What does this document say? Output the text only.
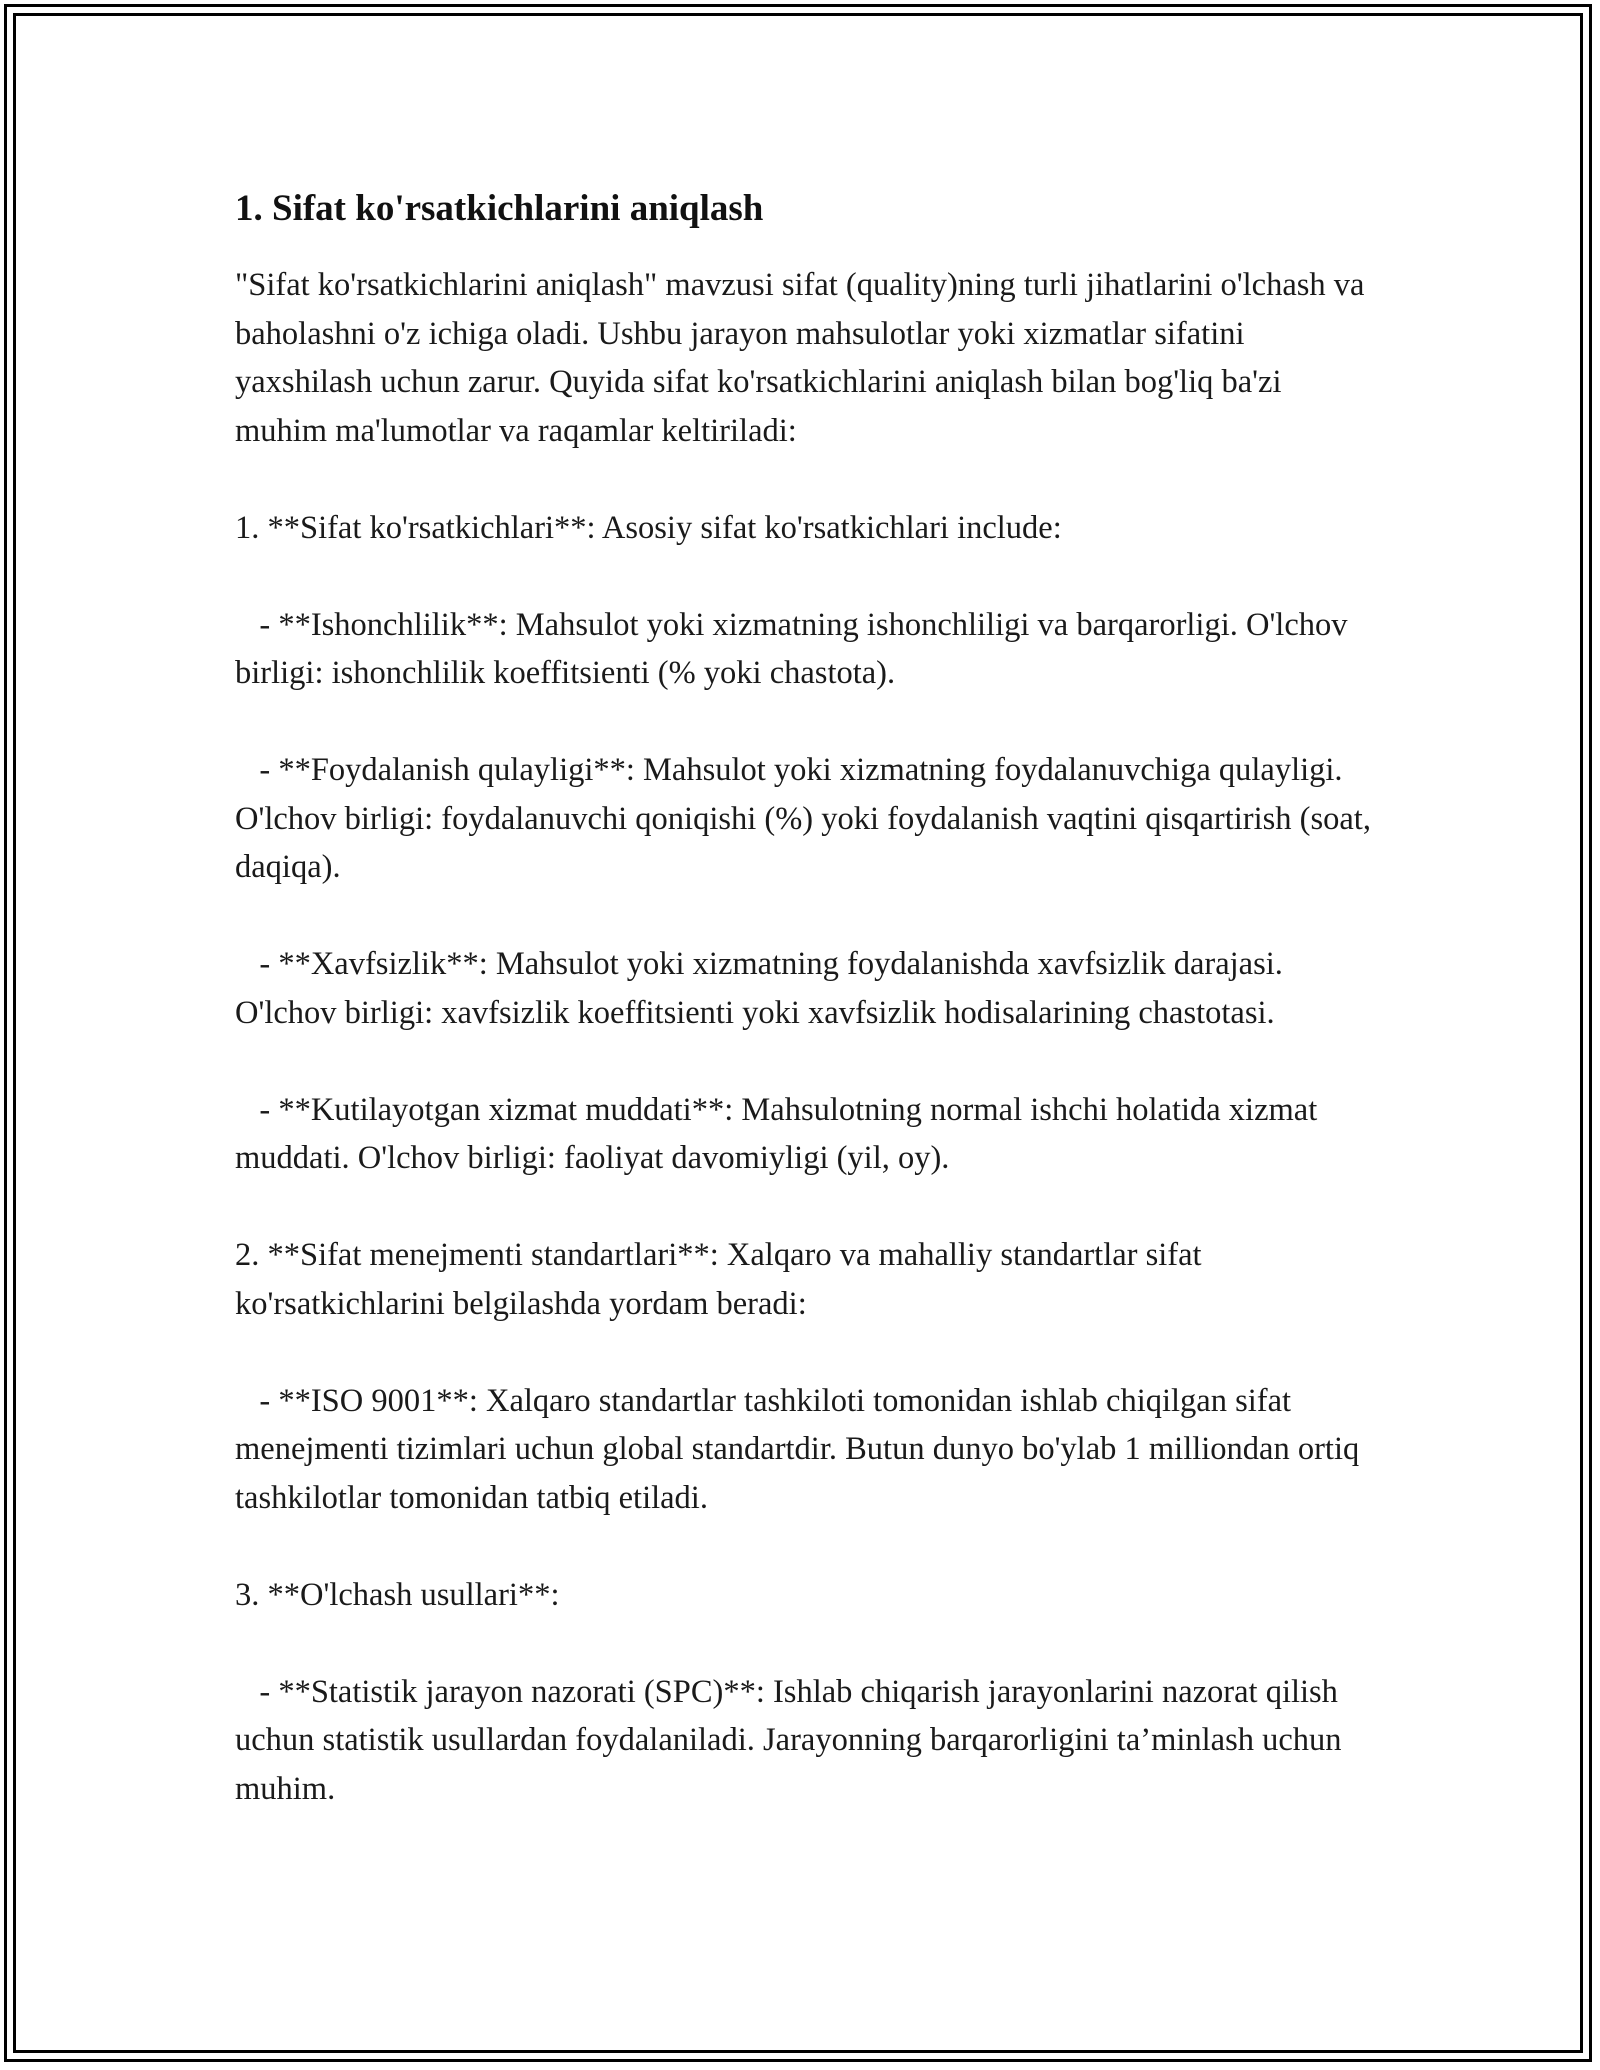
1. Sifat ko'rsatkichlarini aniqlash

"Sifat ko'rsatkichlarini aniqlash" mavzusi sifat (quality)ning turli jihatlarini o'lchash va baholashni o'z ichiga oladi. Ushbu jarayon mahsulotlar yoki xizmatlar sifatini yaxshilash uchun zarur. Quyida sifat ko'rsatkichlarini aniqlash bilan bog'liq ba'zi muhim ma'lumotlar va raqamlar keltiriladi:

1. **Sifat ko'rsatkichlari**: Asosiy sifat ko'rsatkichlari include:

- **Ishonchlilik**: Mahsulot yoki xizmatning ishonchliligi va barqarorligi. O'lchov birligi: ishonchlilik koeffitsienti (% yoki chastota).

- **Foydalanish qulayligi**: Mahsulot yoki xizmatning foydalanuvchiga qulayligi. O'lchov birligi: foydalanuvchi qoniqishi (%) yoki foydalanish vaqtini qisqartirish (soat, daqiqa).

- **Xavfsizlik**: Mahsulot yoki xizmatning foydalanishda xavfsizlik darajasi. O'lchov birligi: xavfsizlik koeffitsienti yoki xavfsizlik hodisalarining chastotasi.

- **Kutilayotgan xizmat muddati**: Mahsulotning normal ishchi holatida xizmat muddati. O'lchov birligi: faoliyat davomiyligi (yil, oy).

2. **Sifat menejmenti standartlari**: Xalqaro va mahalliy standartlar sifat ko'rsatkichlarini belgilashda yordam beradi:

- **ISO 9001**: Xalqaro standartlar tashkiloti tomonidan ishlab chiqilgan sifat menejmenti tizimlari uchun global standartdir. Butun dunyo bo'ylab 1 milliondan ortiq tashkilotlar tomonidan tatbiq etiladi.

3. **O'lchash usullari**:

- **Statistik jarayon nazorati (SPC)**: Ishlab chiqarish jarayonlarini nazorat qilish uchun statistik usullardan foydalaniladi. Jarayonning barqarorligini ta’minlash uchun muhim.
